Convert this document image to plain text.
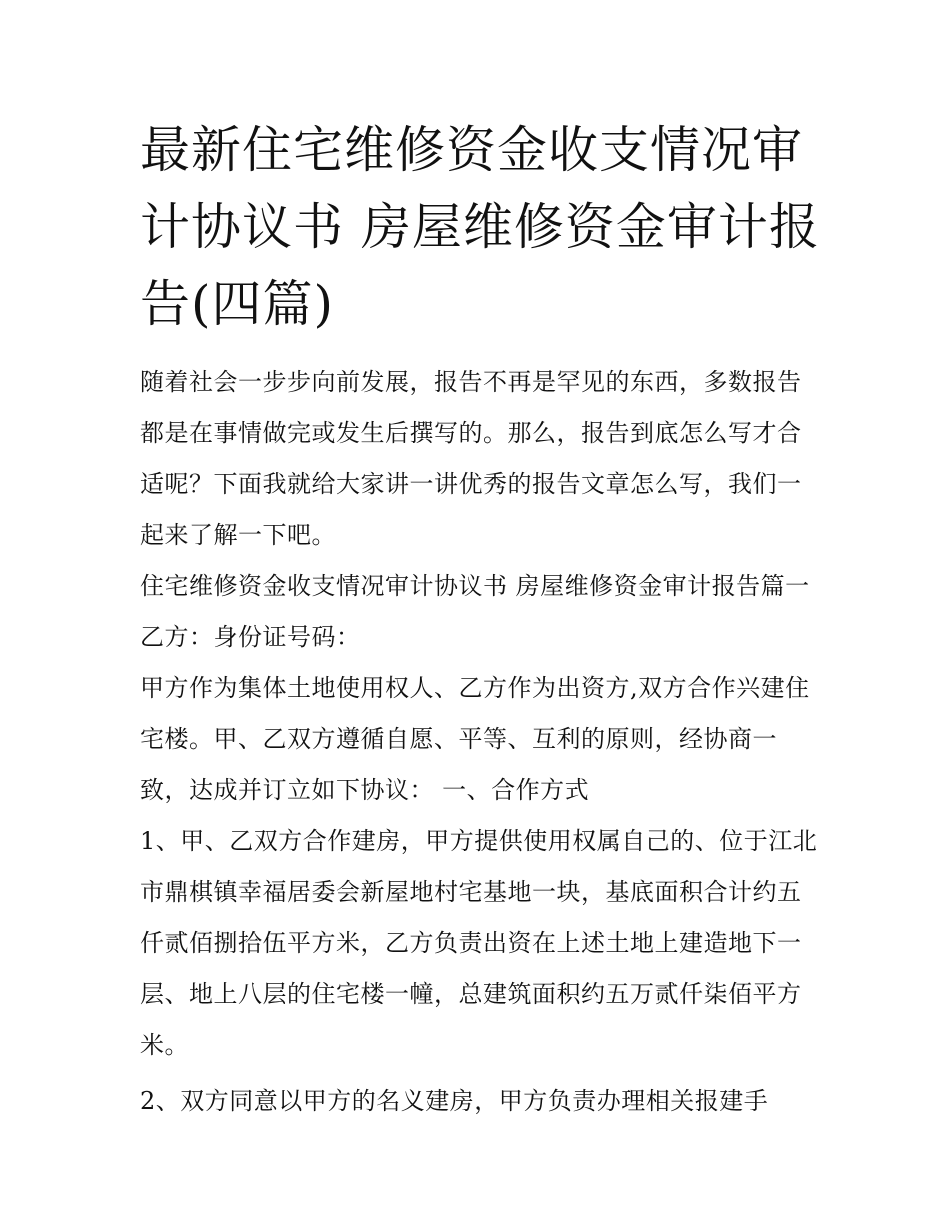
最新住宅维修资金收支情况审计协议书 房屋维修资金审计报告(四篇)

随着社会一步步向前发展，报告不再是罕见的东西，多数报告都是在事情做完或发生后撰写的。那么，报告到底怎么写才合适呢？下面我就给大家讲一讲优秀的报告文章怎么写，我们一起来了解一下吧。

住宅维修资金收支情况审计协议书 房屋维修资金审计报告篇一 乙方：身份证号码：

甲方作为集体土地使用权人、乙方作为出资方,双方合作兴建住宅楼。甲、乙双方遵循自愿、平等、互利的原则，经协商一致，达成并订立如下协议： 一、合作方式

1、甲、乙双方合作建房，甲方提供使用权属自己的、位于江北市鼎棋镇幸福居委会新屋地村宅基地一块，基底面积合计约五仟贰佰捌拾伍平方米，乙方负责出资在上述土地上建造地下一层、地上八层的住宅楼一幢，总建筑面积约五万贰仟柒佰平方米。

2、双方同意以甲方的名义建房，甲方负责办理相关报建手
